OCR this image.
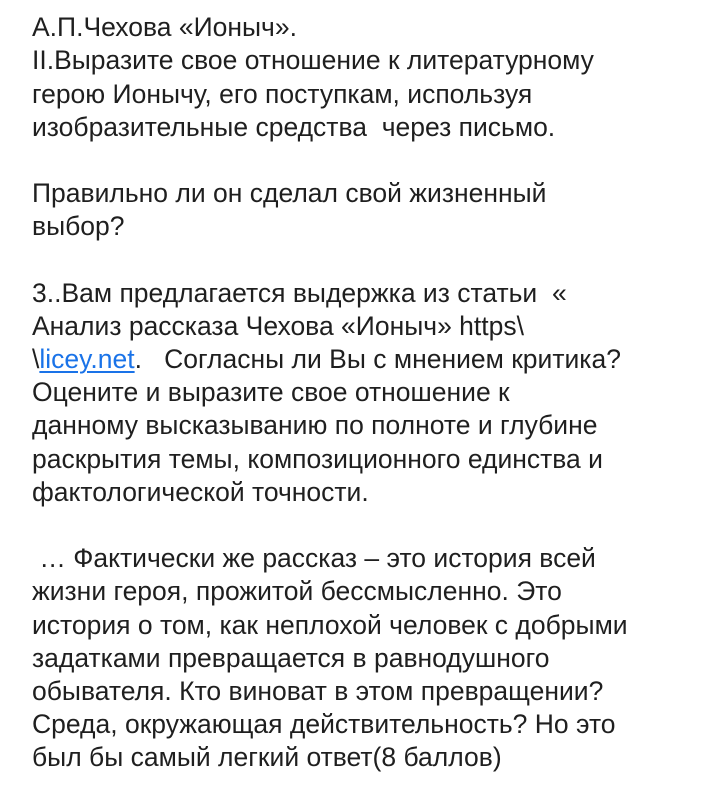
А.П.Чехова «Ионыч».
II.Выразите свое отношение к литературному
герою Ионычу, его поступкам, используя
изобразительные средства  через письмо.
Правильно ли он сделал свой жизненный
выбор?
3..Вам предлагается выдержка из статьи  «
Анализ рассказа Чехова «Ионыч» https\
\licey.net.   Согласны ли Вы с мнением критика?
Оцените и выразите свое отношение к
данному высказыванию по полноте и глубине
раскрытия темы, композиционного единства и
фактологической точности.
… Фактически же рассказ – это история всей
жизни героя, прожитой бессмысленно. Это
история о том, как неплохой человек с добрыми
задатками превращается в равнодушного
обывателя. Кто виноват в этом превращении?
Среда, окружающая действительность? Но это
был бы самый легкий ответ(8 баллов)
